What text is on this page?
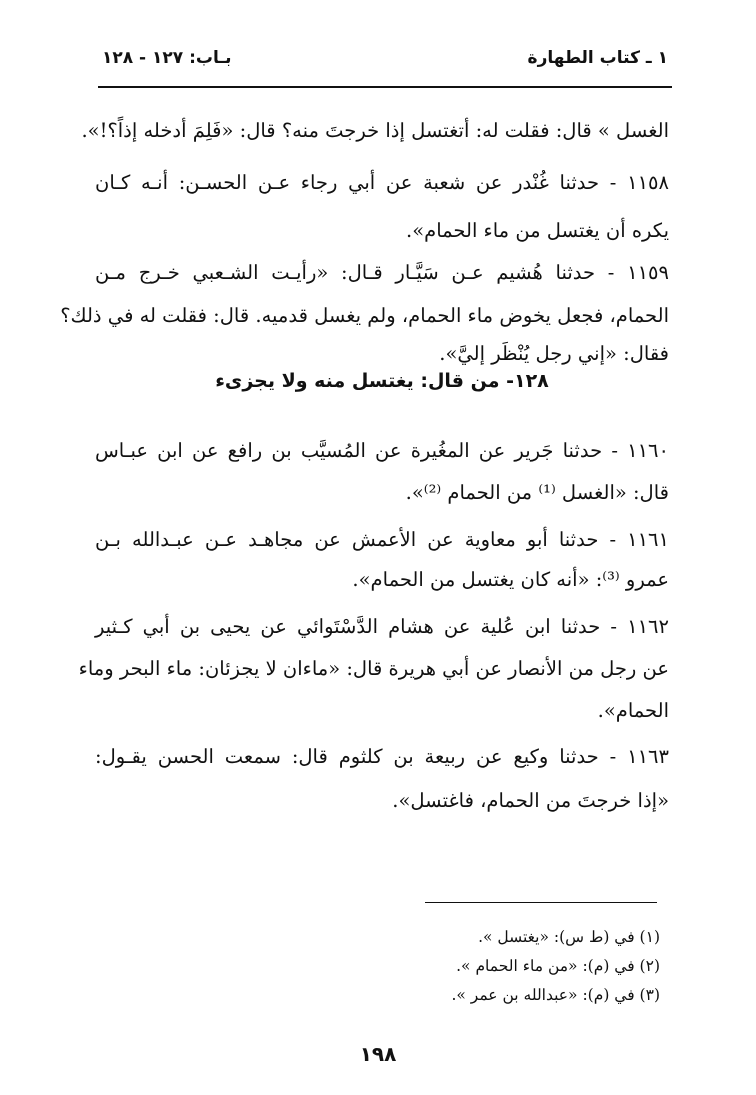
١ ـ كتاب الطهارة
بـاب: ١٢٧ - ١٢٨
الغسل » قال: فقلت له: أتغتسل إذا خرجتَ منه؟ قال: «فَلِمَ أدخله إذاً؟!».
١١٥٨ - حدثنا غُنْدر عن شعبة عن أبي رجاء عـن الحسـن: أنـه كـان
يكره أن يغتسل من ماء الحمام».
١١٥٩ - حدثنا هُشيم عـن سَيَّـار قـال: «رأيـت الشـعبي خـرج مـن
الحمام، فجعل يخوض ماء الحمام، ولم يغسل قدميه. قال: فقلت له في ذلك؟
فقال: «إني رجل يُنْظَر إليَّ».
١٢٨- من قال: يغتسل منه ولا يجزىء
١١٦٠ - حدثنا جَرير عن المغُيرة عن المُسيَّب بن رافع عن ابن عبـاس
قال: «الغسل ⁽¹⁾ من الحمام ⁽²⁾».
١١٦١ - حدثنا أبو معاوية عن الأعمش عن مجاهـد عـن عبـدالله بـن
عمرو ⁽³⁾: «أنه كان يغتسل من الحمام».
١١٦٢ - حدثنا ابن عُلية عن هشام الدَّسْتَوائي عن يحيى بن أبي كـثير
عن رجل من الأنصار عن أبي هريرة قال: «ماءان لا يجزئان: ماء البحر وماء
الحمام».
١١٦٣ - حدثنا وكيع عن ربيعة بن كلثوم قال: سمعت الحسن يقـول:
«إذا خرجتَ من الحمام، فاغتسل».
(١) في (ط س): «يغتسل ».
(٢) في (م): «من ماء الحمام ».
(٣) في (م): «عبدالله بن عمر ».
١٩٨
